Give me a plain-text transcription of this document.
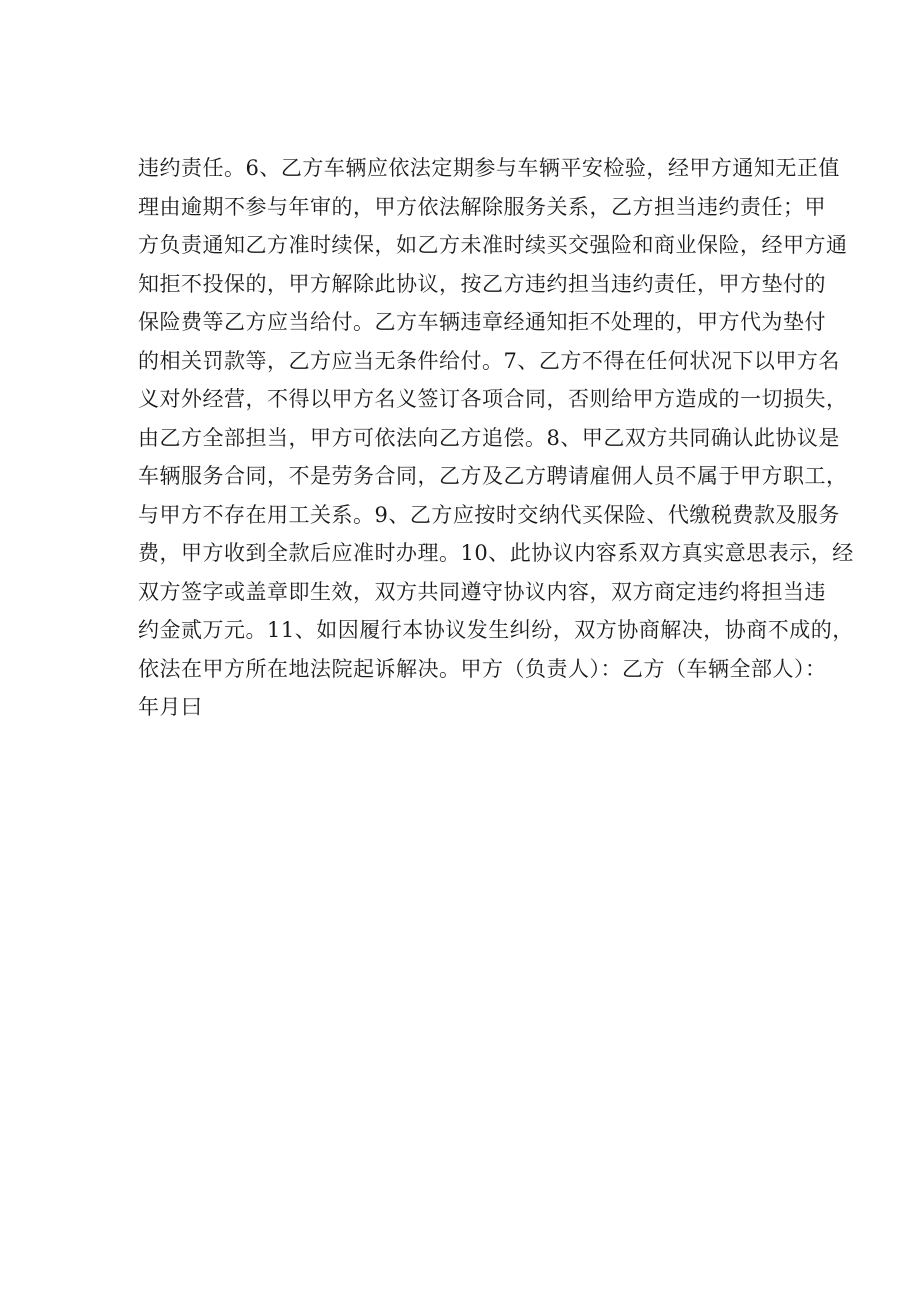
违约责任。6、乙方车辆应依法定期参与车辆平安检验，经甲方通知无正值
理由逾期不参与年审的，甲方依法解除服务关系，乙方担当违约责任；甲
方负责通知乙方准时续保，如乙方未准时续买交强险和商业保险，经甲方通
知拒不投保的，甲方解除此协议，按乙方违约担当违约责任，甲方垫付的
保险费等乙方应当给付。乙方车辆违章经通知拒不处理的，甲方代为垫付
的相关罚款等，乙方应当无条件给付。7、乙方不得在任何状况下以甲方名
义对外经营，不得以甲方名义签订各项合同，否则给甲方造成的一切损失，
由乙方全部担当，甲方可依法向乙方追偿。8、甲乙双方共同确认此协议是
车辆服务合同，不是劳务合同，乙方及乙方聘请雇佣人员不属于甲方职工，
与甲方不存在用工关系。9、乙方应按时交纳代买保险、代缴税费款及服务
费，甲方收到全款后应准时办理。10、此协议内容系双方真实意思表示，经
双方签字或盖章即生效，双方共同遵守协议内容，双方商定违约将担当违
约金贰万元。11、如因履行本协议发生纠纷，双方协商解决，协商不成的，
依法在甲方所在地法院起诉解决。甲方（负责人）：乙方（车辆全部人）：
年月曰
